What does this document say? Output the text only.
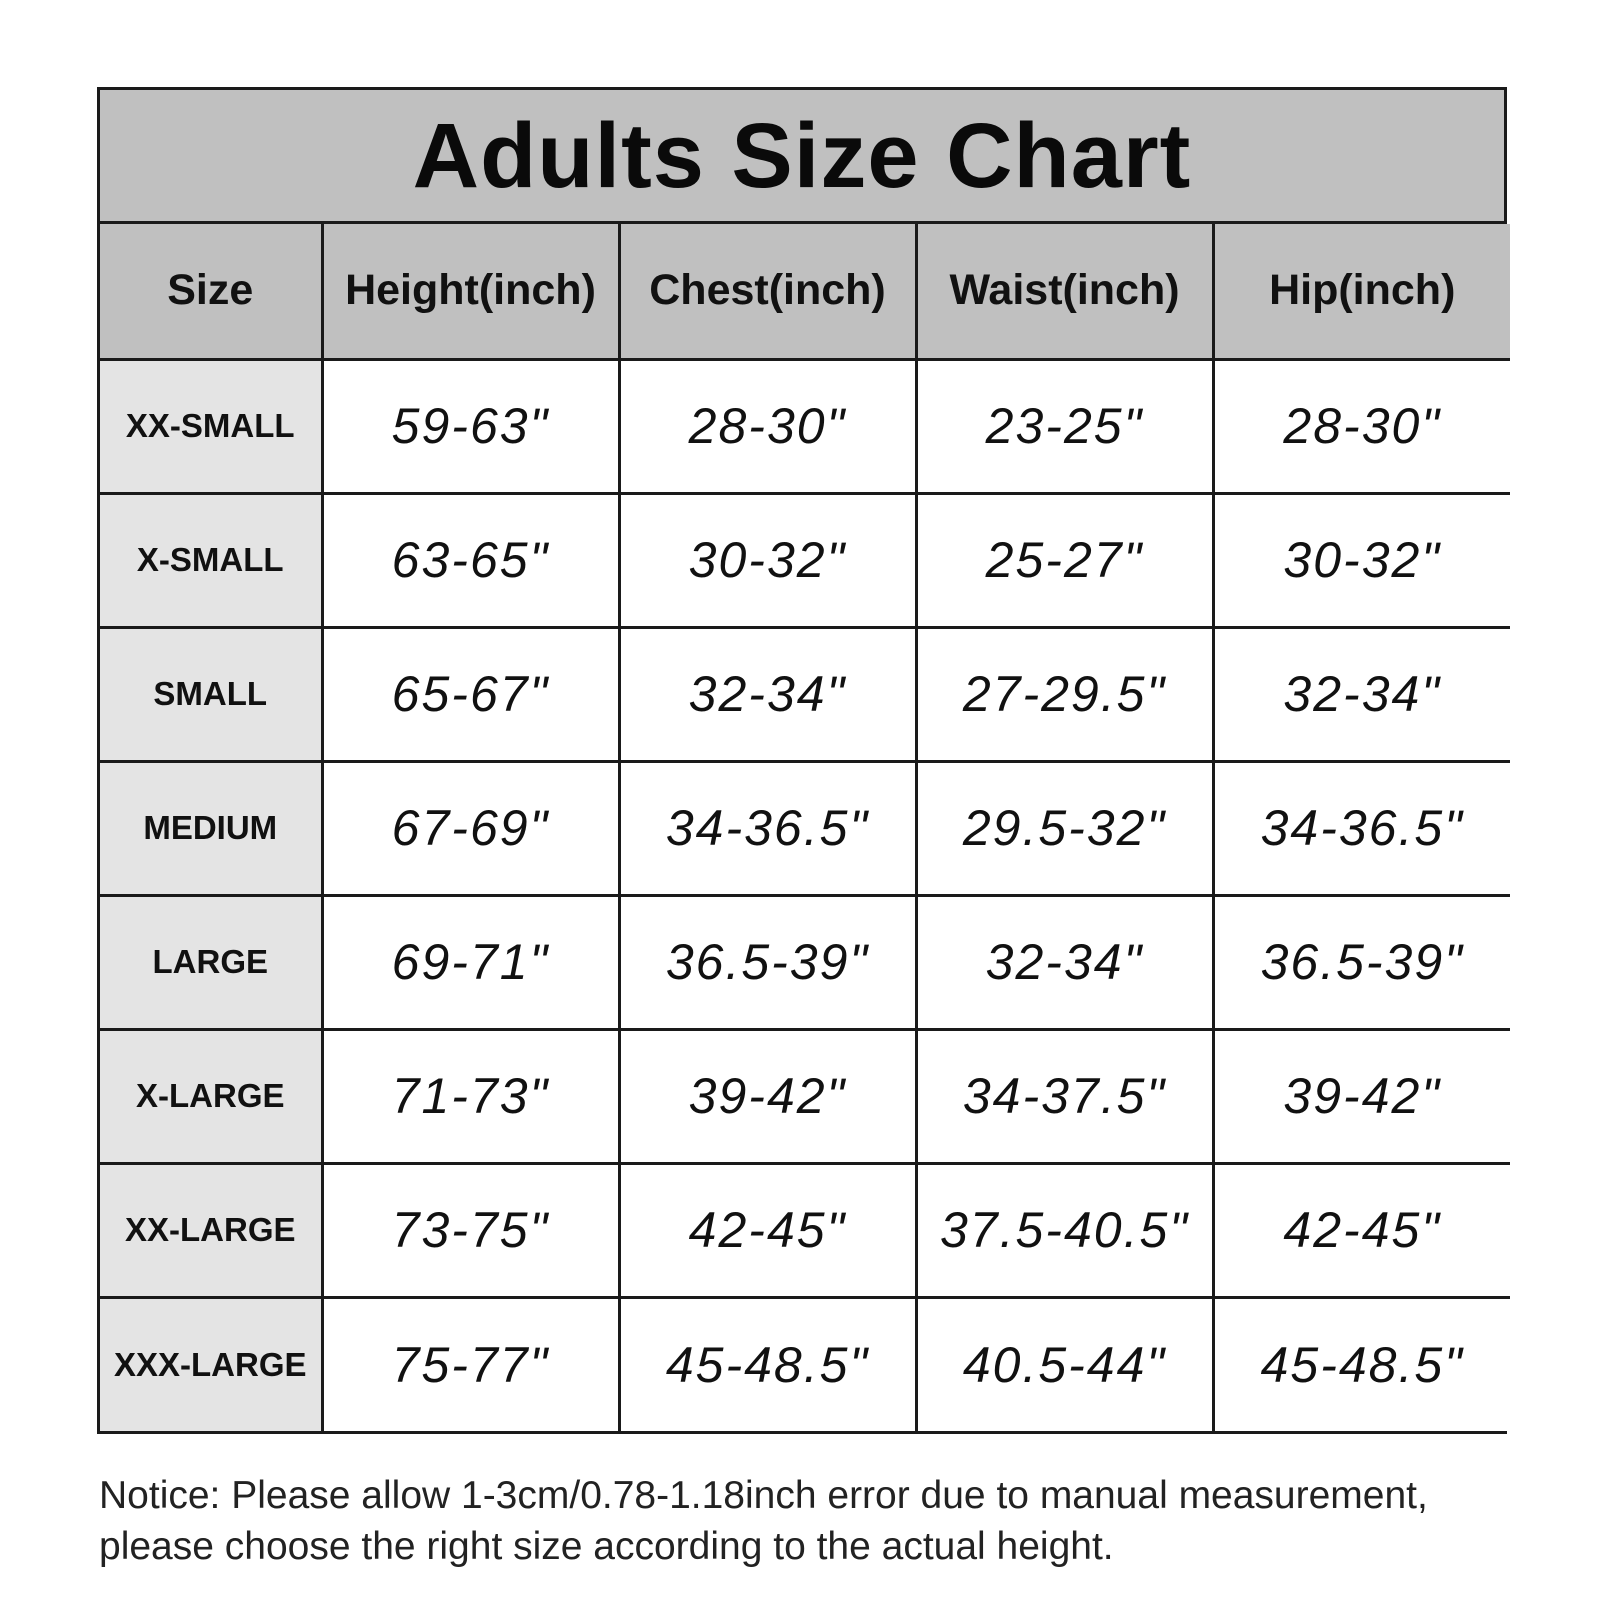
Adults Size Chart
Size	Height(inch)	Chest(inch)	Waist(inch)	Hip(inch)
XX-SMALL	59-63"	28-30"	23-25"	28-30"
X-SMALL	63-65"	30-32"	25-27"	30-32"
SMALL	65-67"	32-34"	27-29.5"	32-34"
MEDIUM	67-69"	34-36.5"	29.5-32"	34-36.5"
LARGE	69-71"	36.5-39"	32-34"	36.5-39"
X-LARGE	71-73"	39-42"	34-37.5"	39-42"
XX-LARGE	73-75"	42-45"	37.5-40.5"	42-45"
XXX-LARGE	75-77"	45-48.5"	40.5-44"	45-48.5"
Notice: Please allow 1-3cm/0.78-1.18inch error due to manual measurement,
please choose the right size according to the actual height.
